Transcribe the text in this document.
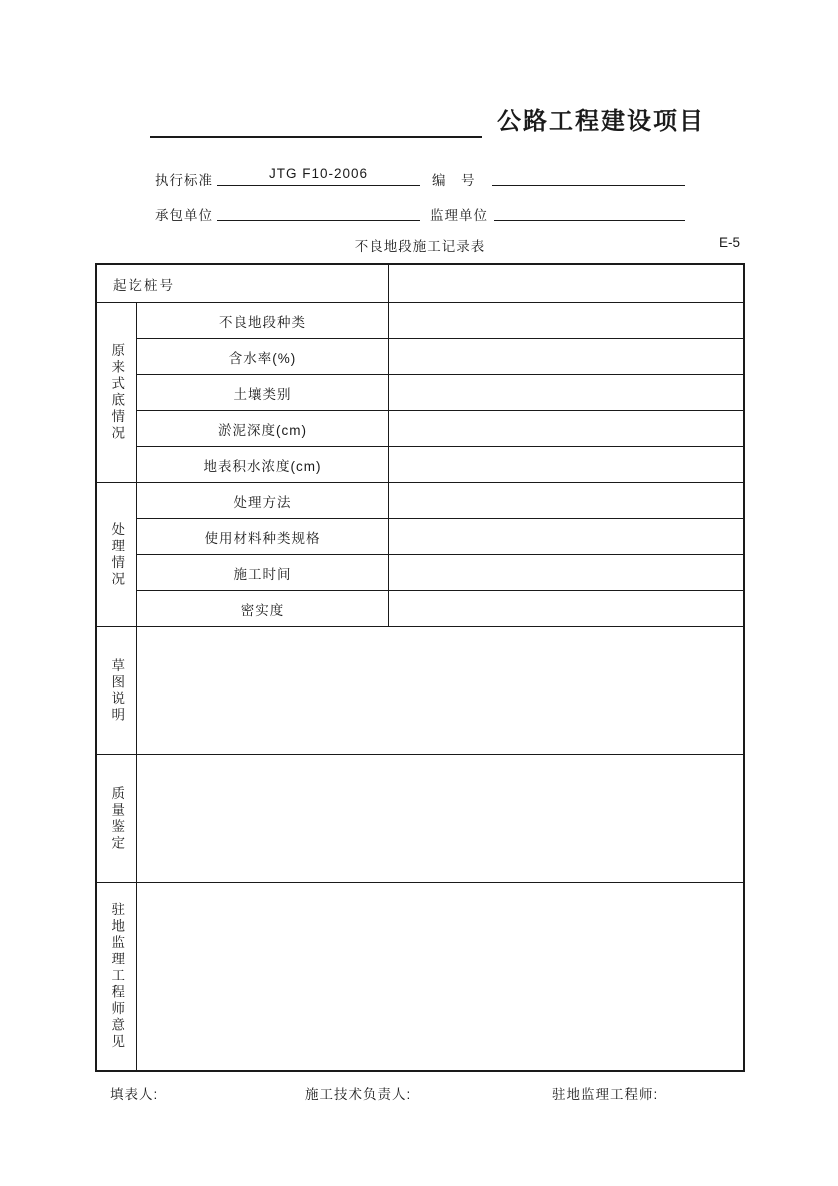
公路工程建设项目
执行标准	JTG F10-2006	编　号
承包单位	监理单位
不良地段施工记录表	E-5
起讫桩号
原来式底情况
不良地段种类
含水率(%)
土壤类别
淤泥深度(cm)
地表积水浓度(cm)
处理情况
处理方法
使用材料种类规格
施工时间
密实度
草图说明
质量鉴定
驻地监理工程师意见
填表人:	施工技术负责人:	驻地监理工程师:
